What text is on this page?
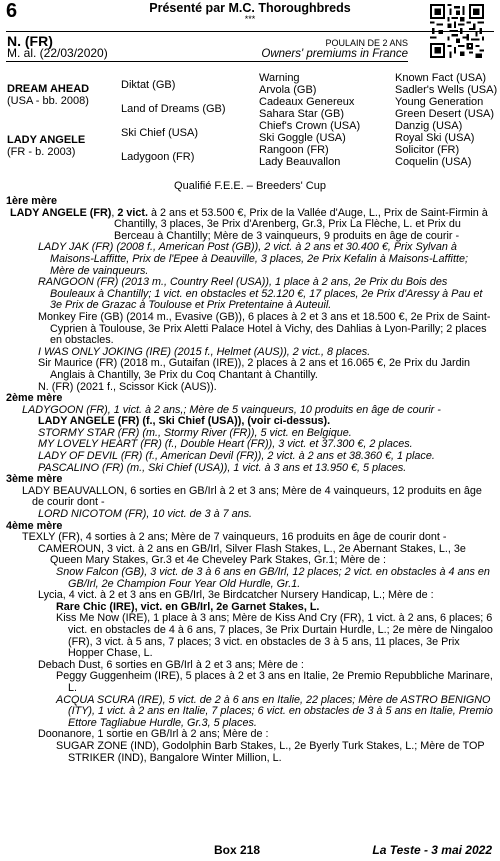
6	Présenté par M.C. Thoroughbreds
***
N. (FR)
M. al. (22/03/2020)
POULAIN DE 2 ANS
Owners' premiums in France
DREAM AHEAD
(USA - bb. 2008)
LADY ANGELE
(FR - b. 2003)
Diktat (GB)
Land of Dreams (GB)
Ski Chief (USA)
Ladygoon (FR)
Warning
Arvola (GB)
Cadeaux Genereux
Sahara Star (GB)
Chief's Crown (USA)
Ski Goggle (USA)
Rangoon (FR)
Lady Beauvallon
Known Fact (USA)
Sadler's Wells (USA)
Young Generation
Green Desert (USA)
Danzig (USA)
Royal Ski (USA)
Solicitor (FR)
Coquelin (USA)
Qualifié F.E.E. – Breeders' Cup

1ère mère

LADY ANGELE (FR), 2 vict. à 2 ans et 53.500 €, Prix de la Vallée d'Auge, L., Prix de Saint-Firmin à Chantilly, 3 places, 3e Prix d'Arenberg, Gr.3, Prix La Flèche, L. et Prix du Berceau à Chantilly; Mère de 3 vainqueurs, 9 produits en âge de courir -

LADY JAK (FR) (2008 f., American Post (GB)), 2 vict. à 2 ans et 30.400 €, Prix Sylvan à Maisons-Laffitte, Prix de l'Epee à Deauville, 3 places, 2e Prix Kefalin à Maisons-Laffitte; Mère de vainqueurs.

RANGOON (FR) (2013 m., Country Reel (USA)), 1 place à 2 ans, 2e Prix du Bois des Bouleaux à Chantilly; 1 vict. en obstacles et 52.120 €, 17 places, 2e Prix d'Aressy à Pau et 3e Prix de Grazac à Toulouse et Prix Pretentaine à Auteuil.

Monkey Fire (GB) (2014 m., Evasive (GB)), 6 places à 2 et 3 ans et 18.500 €, 2e Prix de Saint-Cyprien à Toulouse, 3e Prix Aletti Palace Hotel à Vichy, des Dahlias à Lyon-Parilly; 2 places en obstacles.

I WAS ONLY JOKING (IRE) (2015 f., Helmet (AUS)), 2 vict., 8 places.

Sir Maurice (FR) (2018 m., Gutaifan (IRE)), 2 places à 2 ans et 16.065 €, 2e Prix du Jardin Anglais à Chantilly, 3e Prix du Coq Chantant à Chantilly.

N. (FR) (2021 f., Scissor Kick (AUS)).

2ème mère

LADYGOON (FR), 1 vict. à 2 ans,; Mère de 5 vainqueurs, 10 produits en âge de courir -

LADY ANGELE (FR) (f., Ski Chief (USA)), (voir ci-dessus).

STORMY STAR (FR) (m., Stormy River (FR)), 5 vict. en Belgique.

MY LOVELY HEART (FR) (f., Double Heart (FR)), 3 vict. et 37.300 €, 2 places.

LADY OF DEVIL (FR) (f., American Devil (FR)), 2 vict. à 2 ans et 38.360 €, 1 place.

PASCALINO (FR) (m., Ski Chief (USA)), 1 vict. à 3 ans et 13.950 €, 5 places.

3ème mère

LADY BEAUVALLON, 6 sorties en GB/Irl à 2 et 3 ans; Mère de 4 vainqueurs, 12 produits en âge de courir dont -

LORD NICOTOM (FR), 10 vict. de 3 à 7 ans.

4ème mère

TEXLY (FR), 4 sorties à 2 ans; Mère de 7 vainqueurs, 16 produits en âge de courir dont -

CAMEROUN, 3 vict. à 2 ans en GB/Irl, Silver Flash Stakes, L., 2e Abernant Stakes, L., 3e Queen Mary Stakes, Gr.3 et 4e Cheveley Park Stakes, Gr.1; Mère de :

Snow Falcon (GB), 3 vict. de 3 à 6 ans en GB/Irl, 12 places; 2 vict. en obstacles à 4 ans en GB/Irl, 2e Champion Four Year Old Hurdle, Gr.1.

Lycia, 4 vict. à 2 et 3 ans en GB/Irl, 3e Birdcatcher Nursery Handicap, L.; Mère de :

Rare Chic (IRE), vict. en GB/Irl, 2e Garnet Stakes, L.

Kiss Me Now (IRE), 1 place à 3 ans; Mère de Kiss And Cry (FR), 1 vict. à 2 ans, 6 places; 6 vict. en obstacles de 4 à 6 ans, 7 places, 3e Prix Durtain Hurdle, L.; 2e mère de Ningaloo (FR), 3 vict. à 5 ans, 7 places; 3 vict. en obstacles de 3 à 5 ans, 11 places, 3e Prix Hopper Chase, L.

Debach Dust, 6 sorties en GB/Irl à 2 et 3 ans; Mère de :

Peggy Guggenheim (IRE), 5 places à 2 et 3 ans en Italie, 2e Premio Repubbliche Marinare, L.

ACQUA SCURA (IRE), 5 vict. de 2 à 6 ans en Italie, 22 places; Mère de ASTRO BENIGNO (ITY), 1 vict. à 2 ans en Italie, 7 places; 6 vict. en obstacles de 3 à 5 ans en Italie, Premio Ettore Tagliabue Hurdle, Gr.3, 5 places.

Doonanore, 1 sortie en GB/Irl à 2 ans; Mère de :

SUGAR ZONE (IND), Godolphin Barb Stakes, L., 2e Byerly Turk Stakes, L.; Mère de TOP STRIKER (IND), Bangalore Winter Million, L.

Box 218	La Teste - 3 mai 2022
